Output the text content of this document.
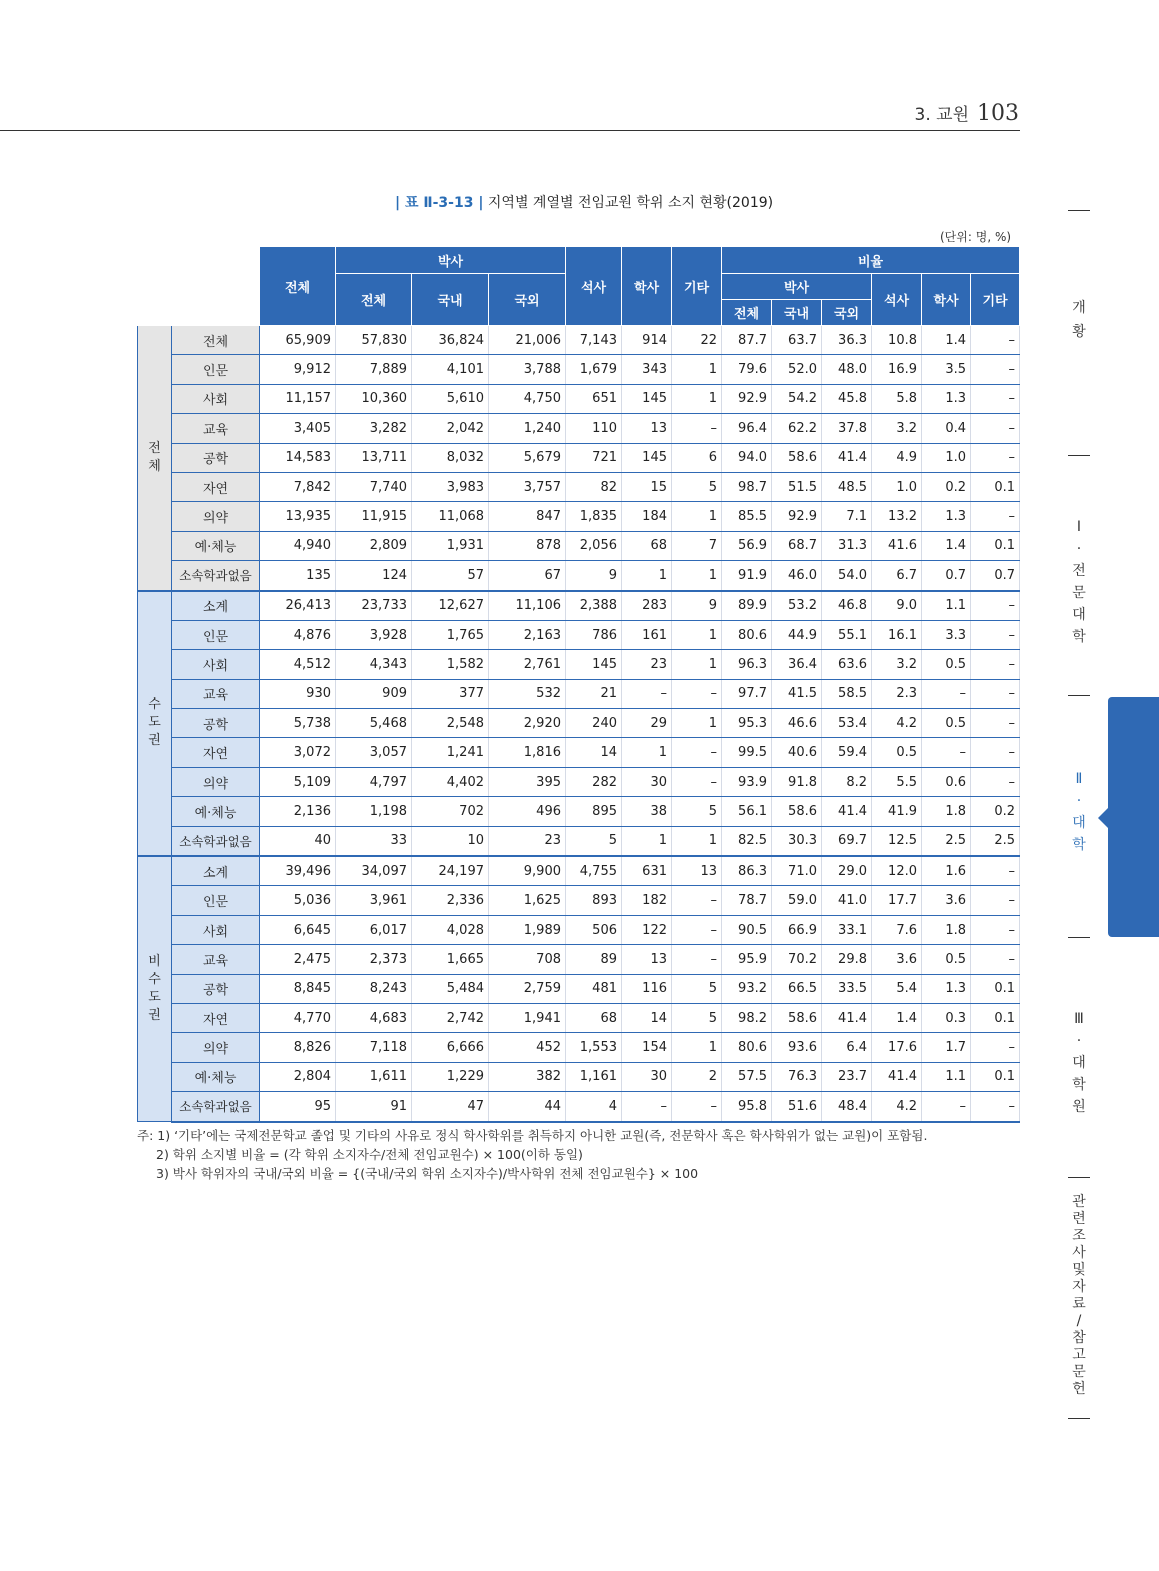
3. 교원 103
| 표 Ⅱ-3-13 | 지역별 계열별 전임교원 학위 소지 현황(2019)
(단위: 명, %)
		전체	박사			석사	학사	기타	비율					
			전체	국내	국외				박사			석사	학사	기타
									전체	국내	국외			
전체	전체	65,909	57,830	36,824	21,006	7,143	914	22	87.7	63.7	36.3	10.8	1.4	–
	인문	9,912	7,889	4,101	3,788	1,679	343	1	79.6	52.0	48.0	16.9	3.5	–
	사회	11,157	10,360	5,610	4,750	651	145	1	92.9	54.2	45.8	5.8	1.3	–
	교육	3,405	3,282	2,042	1,240	110	13	–	96.4	62.2	37.8	3.2	0.4	–
	공학	14,583	13,711	8,032	5,679	721	145	6	94.0	58.6	41.4	4.9	1.0	–
	자연	7,842	7,740	3,983	3,757	82	15	5	98.7	51.5	48.5	1.0	0.2	0.1
	의약	13,935	11,915	11,068	847	1,835	184	1	85.5	92.9	7.1	13.2	1.3	–
	예·체능	4,940	2,809	1,931	878	2,056	68	7	56.9	68.7	31.3	41.6	1.4	0.1
	소속학과없음	135	124	57	67	9	1	1	91.9	46.0	54.0	6.7	0.7	0.7
수
도
권	소계	26,413	23,733	12,627	11,106	2,388	283	9	89.9	53.2	46.8	9.0	1.1	–
	인문	4,876	3,928	1,765	2,163	786	161	1	80.6	44.9	55.1	16.1	3.3	–
	사회	4,512	4,343	1,582	2,761	145	23	1	96.3	36.4	63.6	3.2	0.5	–
	교육	930	909	377	532	21	–	–	97.7	41.5	58.5	2.3	–	–
	공학	5,738	5,468	2,548	2,920	240	29	1	95.3	46.6	53.4	4.2	0.5	–
	자연	3,072	3,057	1,241	1,816	14	1	–	99.5	40.6	59.4	0.5	–	–
	의약	5,109	4,797	4,402	395	282	30	–	93.9	91.8	8.2	5.5	0.6	–
	예·체능	2,136	1,198	702	496	895	38	5	56.1	58.6	41.4	41.9	1.8	0.2
	소속학과없음	40	33	10	23	5	1	1	82.5	30.3	69.7	12.5	2.5	2.5
비
수
도
권	소계	39,496	34,097	24,197	9,900	4,755	631	13	86.3	71.0	29.0	12.0	1.6	–
	인문	5,036	3,961	2,336	1,625	893	182	–	78.7	59.0	41.0	17.7	3.6	–
	사회	6,645	6,017	4,028	1,989	506	122	–	90.5	66.9	33.1	7.6	1.8	–
	교육	2,475	2,373	1,665	708	89	13	–	95.9	70.2	29.8	3.6	0.5	–
	공학	8,845	8,243	5,484	2,759	481	116	5	93.2	66.5	33.5	5.4	1.3	0.1
	자연	4,770	4,683	2,742	1,941	68	14	5	98.2	58.6	41.4	1.4	0.3	0.1
	의약	8,826	7,118	6,666	452	1,553	154	1	80.6	93.6	6.4	17.6	1.7	–
	예·체능	2,804	1,611	1,229	382	1,161	30	2	57.5	76.3	23.7	41.4	1.1	0.1
	소속학과없음	95	91	47	44	4	–	–	95.8	51.6	48.4	4.2	–	–
주: 1) ‘기타’에는 국제전문학교 졸업 및 기타의 사유로 정식 학사학위를 취득하지 아니한 교원(즉, 전문학사 혹은 학사학위가 없는 교원)이 포함됨.
2) 학위 소지별 비율 = (각 학위 소지자수/전체 전임교원수) × 100(이하 동일)
3) 박사 학위자의 국내/국외 비율 = {(국내/국외 학위 소지자수)/박사학위 전체 전임교원수} × 100
개
황
Ⅰ
·
전
문
대
학
Ⅱ
·
대
학
Ⅲ
·
대
학
원
관
련
조
사
및
자
료
/
참
고
문
헌
